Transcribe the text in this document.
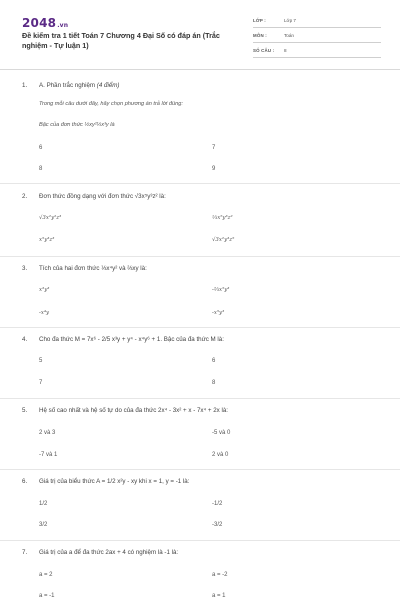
2048.vn
Đề kiểm tra 1 tiết Toán 7 Chương 4 Đại Số có đáp án (Trắc nghiệm - Tự luận 1)
LỚP :	Lớp 7
MÔN :	Toán
SỐ CÂU : 8
1. A. Phần trắc nghiệm (4 điểm)
Trong mỗi câu dưới đây, hãy chọn phương án trả lời đúng:
Bậc của đơn thức ½xy²⅓x³y là
6	7
8	9
2. Đơn thức đồng dạng với đơn thức √3x⁵y³z² là:
√3x²y²z³	⅓x⁵y³z²
x⁵y³z³	√3x²y³z⁵
3. Tích của hai đơn thức ⅓x⁴y² và ⅔xy là:
x³y³	-⅔x⁵y³
-x⁴y	-x⁵y³
4. Cho đa thức M = 7x⁶ - 2/5 x³y + y⁴ - x⁴y⁶ + 1. Bậc của đa thức M là:
5	6
7	8
5. Hệ số cao nhất và hệ số tự do của đa thức 2x⁴ - 3x² + x - 7x⁴ + 2x là:
2 và 3	-5 và 0
-7 và 1	2 và 0
6. Giá trị của biểu thức A = 1/2 x²y - xy khi x = 1, y = -1 là:
1/2	-1/2
3/2	-3/2
7. Giá trị của a để đa thức 2ax + 4 có nghiệm là -1 là:
a = 2	a = -2
a = -1	a = 1
